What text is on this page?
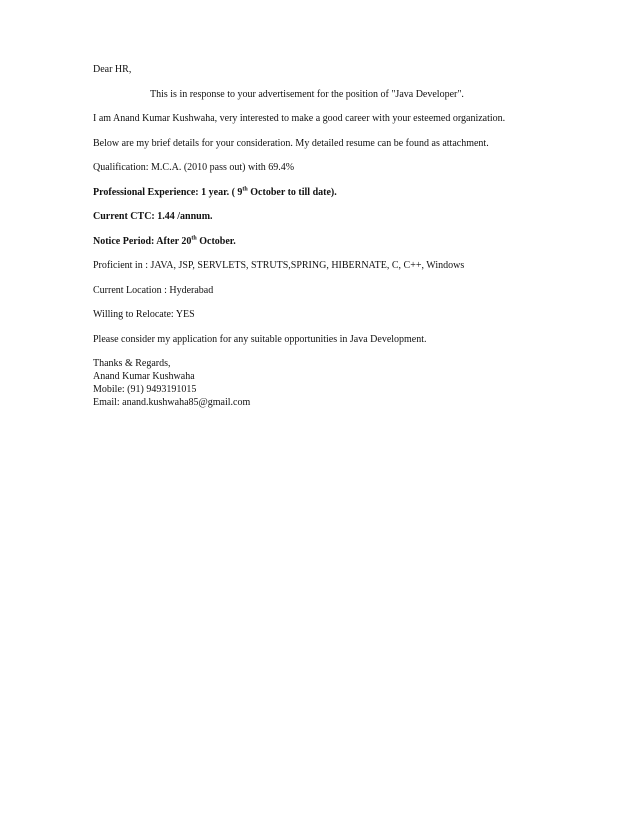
Dear HR,

This is in response to your advertisement for the position of "Java Developer".

I am Anand Kumar Kushwaha, very interested to make a good career with your esteemed organization.

Below are my brief details for your consideration. My detailed resume can be found as attachment.

Qualification: M.C.A. (2010 pass out) with 69.4%

Professional Experience: 1 year. ( 9th October to till date).

Current CTC: 1.44 /annum.

Notice Period: After 20th October.

Proficient in : JAVA, JSP, SERVLETS, STRUTS,SPRING, HIBERNATE, C, C++, Windows

Current Location : Hyderabad

Willing to Relocate: YES

Please consider my application for any suitable opportunities in Java Development.

Thanks & Regards,
Anand Kumar Kushwaha
Mobile: (91) 9493191015
Email: anand.kushwaha85@gmail.com
